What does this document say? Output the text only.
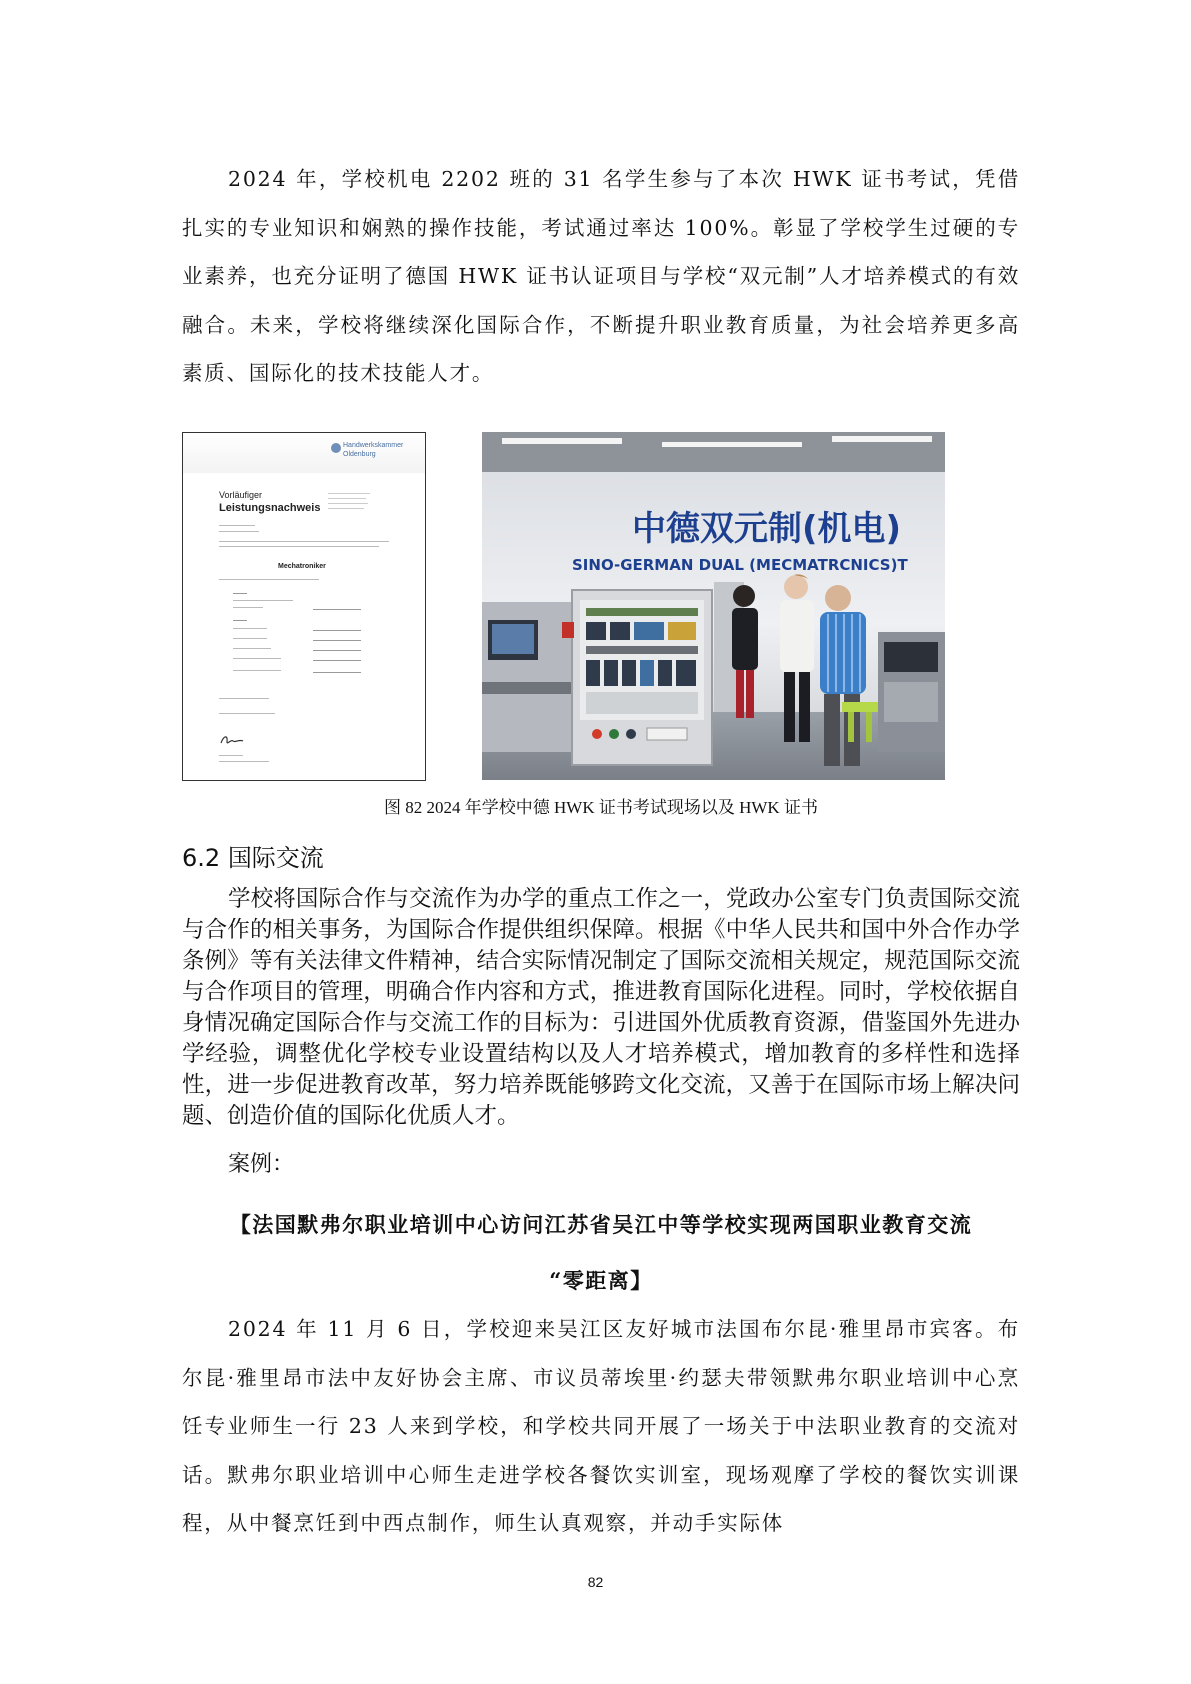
2024 年，学校机电 2202 班的 31 名学生参与了本次 HWK 证书考试，凭借扎实的专业知识和娴熟的操作技能，考试通过率达 100%。彰显了学校学生过硬的专业素养，也充分证明了德国 HWK 证书认证项目与学校“双元制”人才培养模式的有效融合。未来，学校将继续深化国际合作，不断提升职业教育质量，为社会培养更多高素质、国际化的技术技能人才。

Handwerkskammer Oldenburg
Vorläufiger
Leistungsnachweis
Mechatroniker
中德双元制(机电)
SINO-GERMAN DUAL (MECMATRCNICS)T
图 82 2024 年学校中德 HWK 证书考试现场以及 HWK 证书
6.2 国际交流

学校将国际合作与交流作为办学的重点工作之一，党政办公室专门负责国际交流与合作的相关事务，为国际合作提供组织保障。根据《中华人民共和国中外合作办学条例》等有关法律文件精神，结合实际情况制定了国际交流相关规定，规范国际交流与合作项目的管理，明确合作内容和方式，推进教育国际化进程。同时，学校依据自身情况确定国际合作与交流工作的目标为：引进国外优质教育资源，借鉴国外先进办学经验，调整优化学校专业设置结构以及人才培养模式，增加教育的多样性和选择性，进一步促进教育改革，努力培养既能够跨文化交流，又善于在国际市场上解决问题、创造价值的国际化优质人才。

案例：

【法国默弗尔职业培训中心访问江苏省吴江中等学校实现两国职业教育交流
“零距离】

2024 年 11 月 6 日，学校迎来吴江区友好城市法国布尔昆·雅里昂市宾客。布尔昆·雅里昂市法中友好协会主席、市议员蒂埃里·约瑟夫带领默弗尔职业培训中心烹饪专业师生一行 23 人来到学校，和学校共同开展了一场关于中法职业教育的交流对话。默弗尔职业培训中心师生走进学校各餐饮实训室，现场观摩了学校的餐饮实训课程，从中餐烹饪到中西点制作，师生认真观察，并动手实际体

82
